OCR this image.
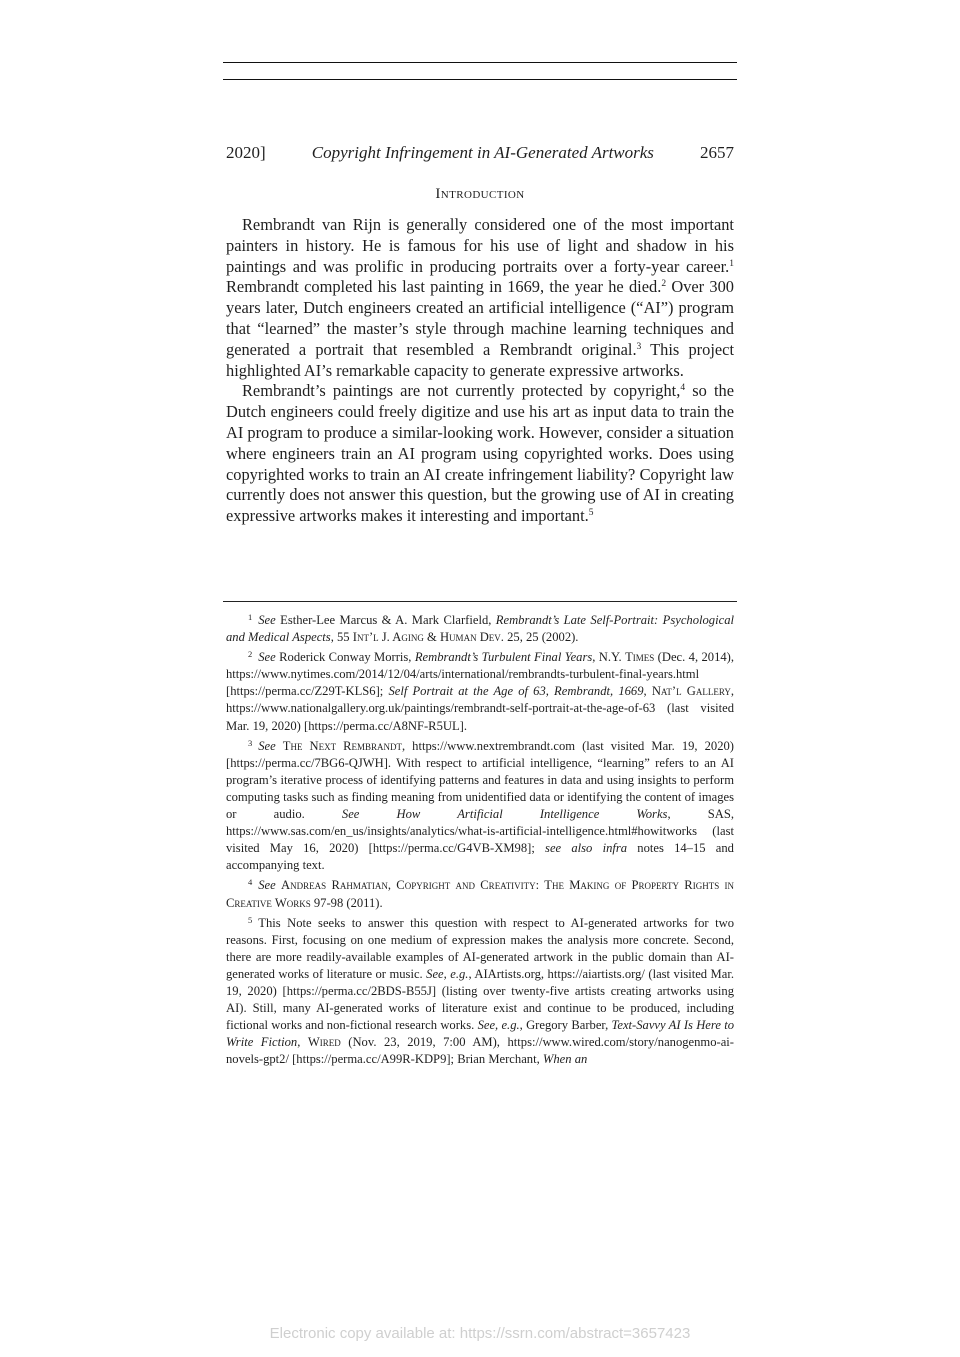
2020]	Copyright Infringement in AI-Generated Artworks	2657
Introduction

Rembrandt van Rijn is generally considered one of the most important painters in history. He is famous for his use of light and shadow in his paintings and was prolific in producing portraits over a forty-year career.$^1$ Rembrandt completed his last painting in 1669, the year he died.$^2$ Over 300 years later, Dutch engineers created an artificial intelligence (“AI”) program that “learned” the master’s style through machine learning techniques and generated a portrait that resembled a Rembrandt original.$^3$ This project highlighted AI’s remarkable capacity to generate expressive artworks.

Rembrandt’s paintings are not currently protected by copyright,$^4$ so the Dutch engineers could freely digitize and use his art as input data to train the AI program to produce a similar-looking work. However, consider a situation where engineers train an AI program using copyrighted works. Does using copyrighted works to train an AI create infringement liability? Copyright law currently does not answer this question, but the growing use of AI in creating expressive artworks makes it interesting and important.$^5$

$^1$ See Esther-Lee Marcus & A. Mark Clarfield, Rembrandt’s Late Self-Portrait: Psychological and Medical Aspects, 55 Int’l J. Aging & Human Dev. 25, 25 (2002).

$^2$ See Roderick Conway Morris, Rembrandt’s Turbulent Final Years, N.Y. Times (Dec. 4, 2014), https://www.nytimes.com/2014/12/04/arts/international/rembrandts-turbulent-final-years.html [https://perma.cc/Z29T-KLS6]; Self Portrait at the Age of 63, Rembrandt, 1669, Nat’l Gallery, https://www.nationalgallery.org.uk/paintings/rembrandt-self-portrait-at-the-age-of-63 (last visited Mar. 19, 2020) [https://perma.cc/A8NF-R5UL].

$^3$ See The Next Rembrandt, https://www.nextrembrandt.com (last visited Mar. 19, 2020) [https://perma.cc/7BG6-QJWH]. With respect to artificial intelligence, “learning” refers to an AI program’s iterative process of identifying patterns and features in data and using insights to perform computing tasks such as finding meaning from unidentified data or identifying the content of images or audio. See How Artificial Intelligence Works, SAS, https://www.sas.com/en_us/insights/analytics/what-is-artificial-intelligence.html#howitworks (last visited May 16, 2020) [https://perma.cc/G4VB-XM98]; see also infra notes 14–15 and accompanying text.

$^4$ See Andreas Rahmatian, Copyright and Creativity: The Making of Property Rights in Creative Works 97-98 (2011).

$^5$ This Note seeks to answer this question with respect to AI-generated artworks for two reasons. First, focusing on one medium of expression makes the analysis more concrete. Second, there are more readily-available examples of AI-generated artwork in the public domain than AI-generated works of literature or music. See, e.g., AIArtists.org, https://aiartists.org/ (last visited Mar. 19, 2020) [https://perma.cc/2BDS-B55J] (listing over twenty-five artists creating artworks using AI). Still, many AI-generated works of literature exist and continue to be produced, including fictional works and non-fictional research works. See, e.g., Gregory Barber, Text-Savvy AI Is Here to Write Fiction, Wired (Nov. 23, 2019, 7:00 AM), https://www.wired.com/story/nanogenmo-ai-novels-gpt2/ [https://perma.cc/A99R-KDP9]; Brian Merchant, When an

Electronic copy available at: https://ssrn.com/abstract=3657423
